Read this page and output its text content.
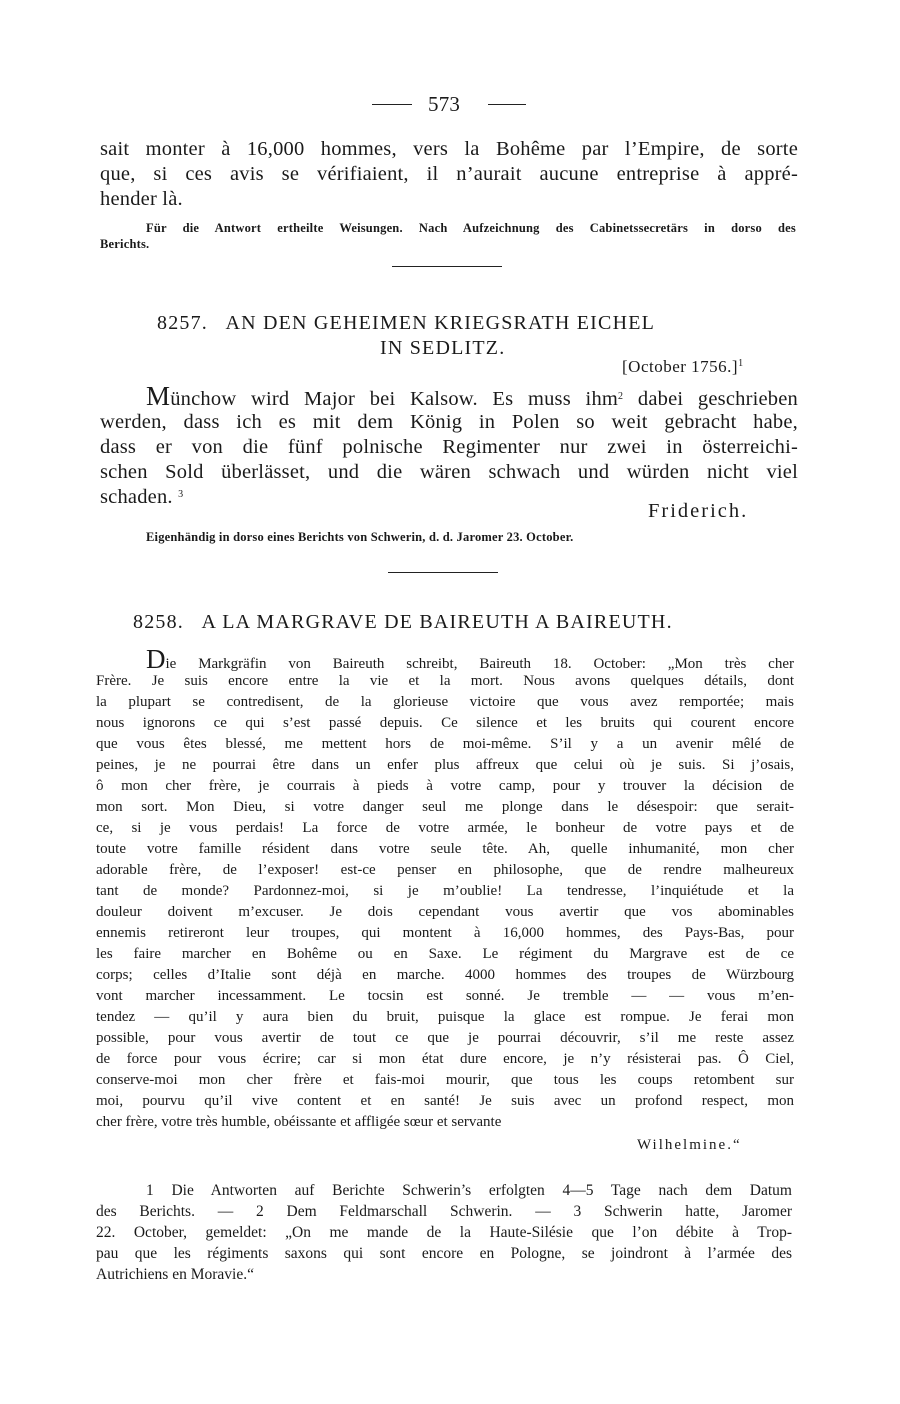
573
sait monter à 16,000 hommes, vers la Bohême par l’Empire, de sorte
que, si ces avis se vérifiaient, il n’aurait aucune entreprise à appré-
hender là.
Für die Antwort ertheilte Weisungen. Nach Aufzeichnung des Cabinetssecretärs in dorso des
Berichts.
8257. AN DEN GEHEIMEN KRIEGSRATH EICHEL
IN SEDLITZ.
[October 1756.]$^1$
Münchow wird Major bei Kalsow. Es muss ihm$^2$ dabei geschrieben
werden, dass ich es mit dem König in Polen so weit gebracht habe,
dass er von die fünf polnische Regimenter nur zwei in österreichi-
schen Sold überlässet, und die wären schwach und würden nicht viel
schaden. $^3$
Friderich.
Eigenhändig in dorso eines Berichts von Schwerin, d. d. Jaromer 23. October.
8258. A LA MARGRAVE DE BAIREUTH A BAIREUTH.
Die Markgräfin von Baireuth schreibt, Baireuth 18. October: „Mon très cher
Frère. Je suis encore entre la vie et la mort. Nous avons quelques détails, dont
la plupart se contredisent, de la glorieuse victoire que vous avez remportée; mais
nous ignorons ce qui s’est passé depuis. Ce silence et les bruits qui courent encore
que vous êtes blessé, me mettent hors de moi-même. S’il y a un avenir mêlé de
peines, je ne pourrai être dans un enfer plus affreux que celui où je suis. Si j’osais,
ô mon cher frère, je courrais à pieds à votre camp, pour y trouver la décision de
mon sort. Mon Dieu, si votre danger seul me plonge dans le désespoir: que serait-
ce, si je vous perdais! La force de votre armée, le bonheur de votre pays et de
toute votre famille résident dans votre seule tête. Ah, quelle inhumanité, mon cher
adorable frère, de l’exposer! est-ce penser en philosophe, que de rendre malheureux
tant de monde? Pardonnez-moi, si je m’oublie! La tendresse, l’inquiétude et la
douleur doivent m’excuser. Je dois cependant vous avertir que vos abominables
ennemis retireront leur troupes, qui montent à 16,000 hommes, des Pays-Bas, pour
les faire marcher en Bohême ou en Saxe. Le régiment du Margrave est de ce
corps; celles d’Italie sont déjà en marche. 4000 hommes des troupes de Würzbourg
vont marcher incessamment. Le tocsin est sonné. Je tremble — — vous m’en-
tendez — qu’il y aura bien du bruit, puisque la glace est rompue. Je ferai mon
possible, pour vous avertir de tout ce que je pourrai découvrir, s’il me reste assez
de force pour vous écrire; car si mon état dure encore, je n’y résisterai pas. Ô Ciel,
conserve-moi mon cher frère et fais-moi mourir, que tous les coups retombent sur
moi, pourvu qu’il vive content et en santé! Je suis avec un profond respect, mon
cher frère, votre très humble, obéissante et affligée sœur et servante
Wilhelmine.“
1 Die Antworten auf Berichte Schwerin’s erfolgten 4—5 Tage nach dem Datum
des Berichts. — 2 Dem Feldmarschall Schwerin. — 3 Schwerin hatte, Jaromer
22. October, gemeldet: „On me mande de la Haute-Silésie que l’on débite à Trop-
pau que les régiments saxons qui sont encore en Pologne, se joindront à l’armée des
Autrichiens en Moravie.“
